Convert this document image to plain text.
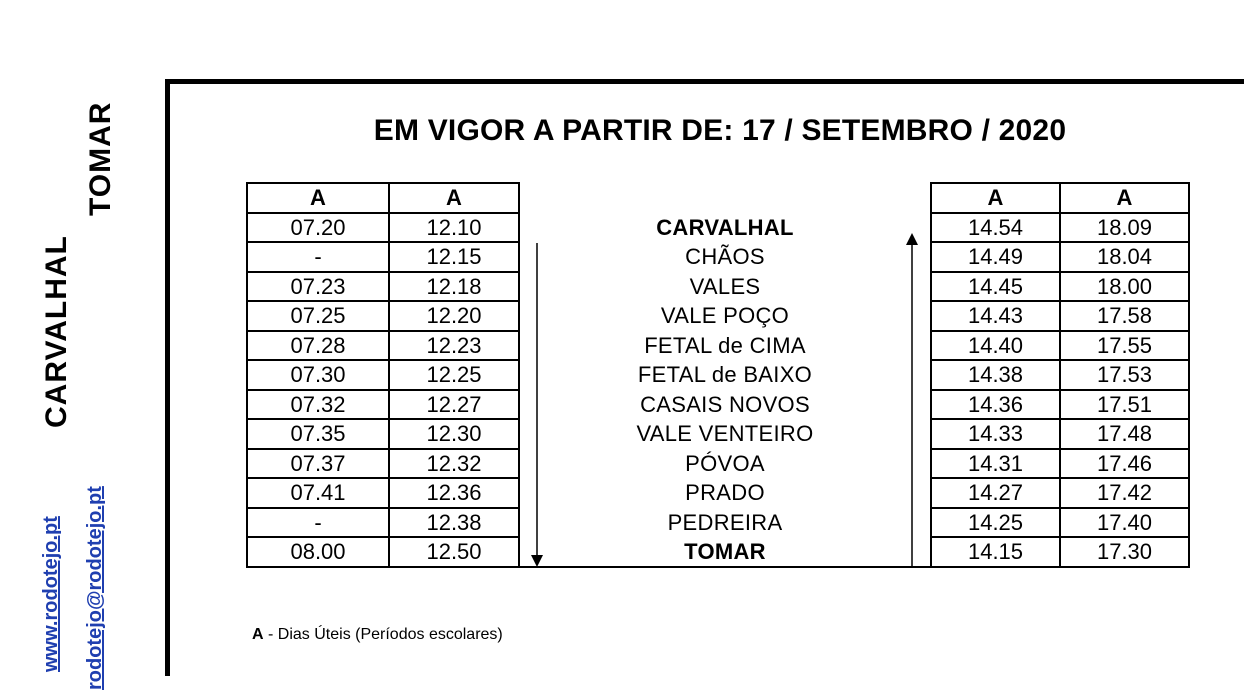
CARVALHAL
TOMAR
www.rodotejo.pt rodotejo@rodotejo.pt
EM VIGOR A PARTIR DE: 17 / SETEMBRO / 2020
A	A		A	A
07.20	12.10	CARVALHAL	14.54	18.09
-	12.15	CHÃOS	14.49	18.04
07.23	12.18	VALES	14.45	18.00
07.25	12.20	VALE POÇO	14.43	17.58
07.28	12.23	FETAL de CIMA	14.40	17.55
07.30	12.25	FETAL de BAIXO	14.38	17.53
07.32	12.27	CASAIS NOVOS	14.36	17.51
07.35	12.30	VALE VENTEIRO	14.33	17.48
07.37	12.32	PÓVOA	14.31	17.46
07.41	12.36	PRADO	14.27	17.42
-	12.38	PEDREIRA	14.25	17.40
08.00	12.50	TOMAR	14.15	17.30
A - Dias Úteis (Períodos escolares)
